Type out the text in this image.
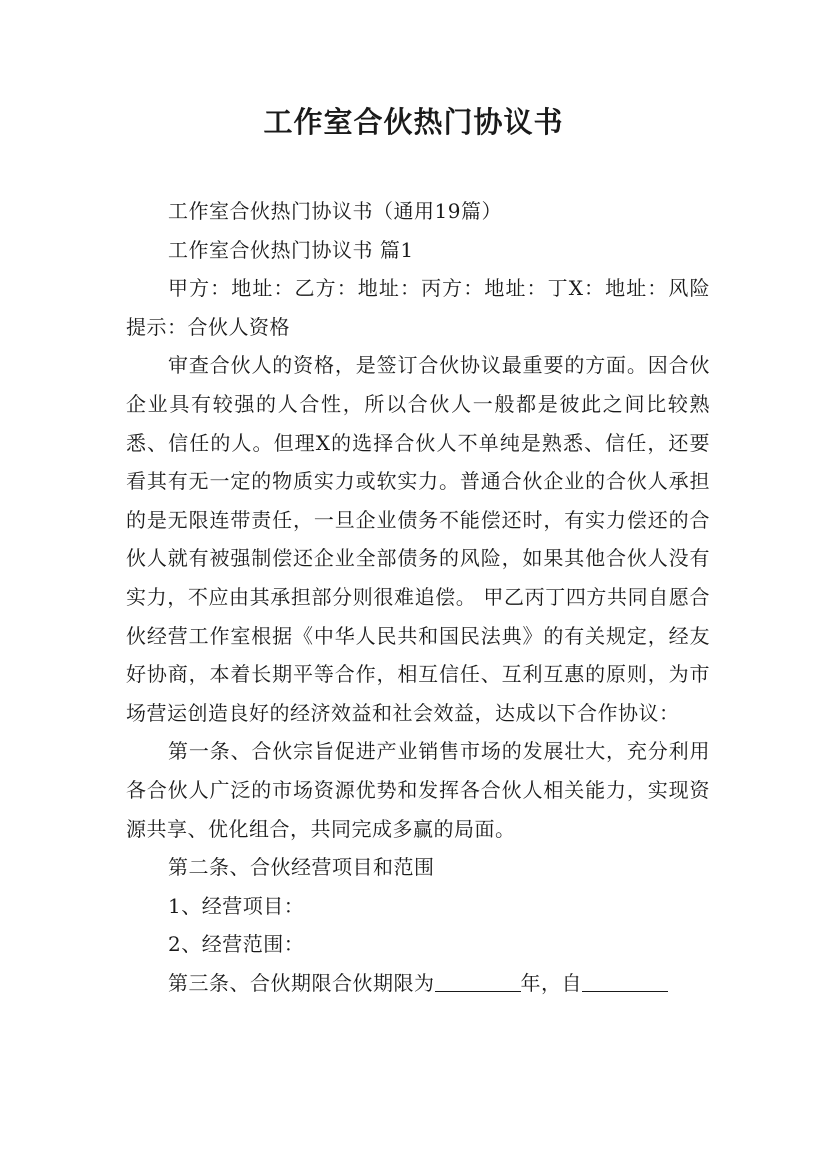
工作室合伙热门协议书

工作室合伙热门协议书（通用19篇）

工作室合伙热门协议书 篇1

甲方：地址：乙方：地址：丙方：地址：丁X：地址：风险提示：合伙人资格

审查合伙人的资格，是签订合伙协议最重要的方面。因合伙企业具有较强的人合性，所以合伙人一般都是彼此之间比较熟悉、信任的人。但理X的选择合伙人不单纯是熟悉、信任，还要看其有无一定的物质实力或软实力。普通合伙企业的合伙人承担的是无限连带责任，一旦企业债务不能偿还时，有实力偿还的合伙人就有被强制偿还企业全部债务的风险，如果其他合伙人没有实力，不应由其承担部分则很难追偿。 甲乙丙丁四方共同自愿合伙经营工作室根据《中华人民共和国民法典》的有关规定，经友好协商，本着长期平等合作，相互信任、互利互惠的原则，为市场营运创造良好的经济效益和社会效益，达成以下合作协议：

第一条、合伙宗旨促进产业销售市场的发展壮大，充分利用各合伙人广泛的市场资源优势和发挥各合伙人相关能力，实现资源共享、优化组合，共同完成多赢的局面。

第二条、合伙经营项目和范围

1、经营项目：

2、经营范围：

第三条、合伙期限合伙期限为	年，自
